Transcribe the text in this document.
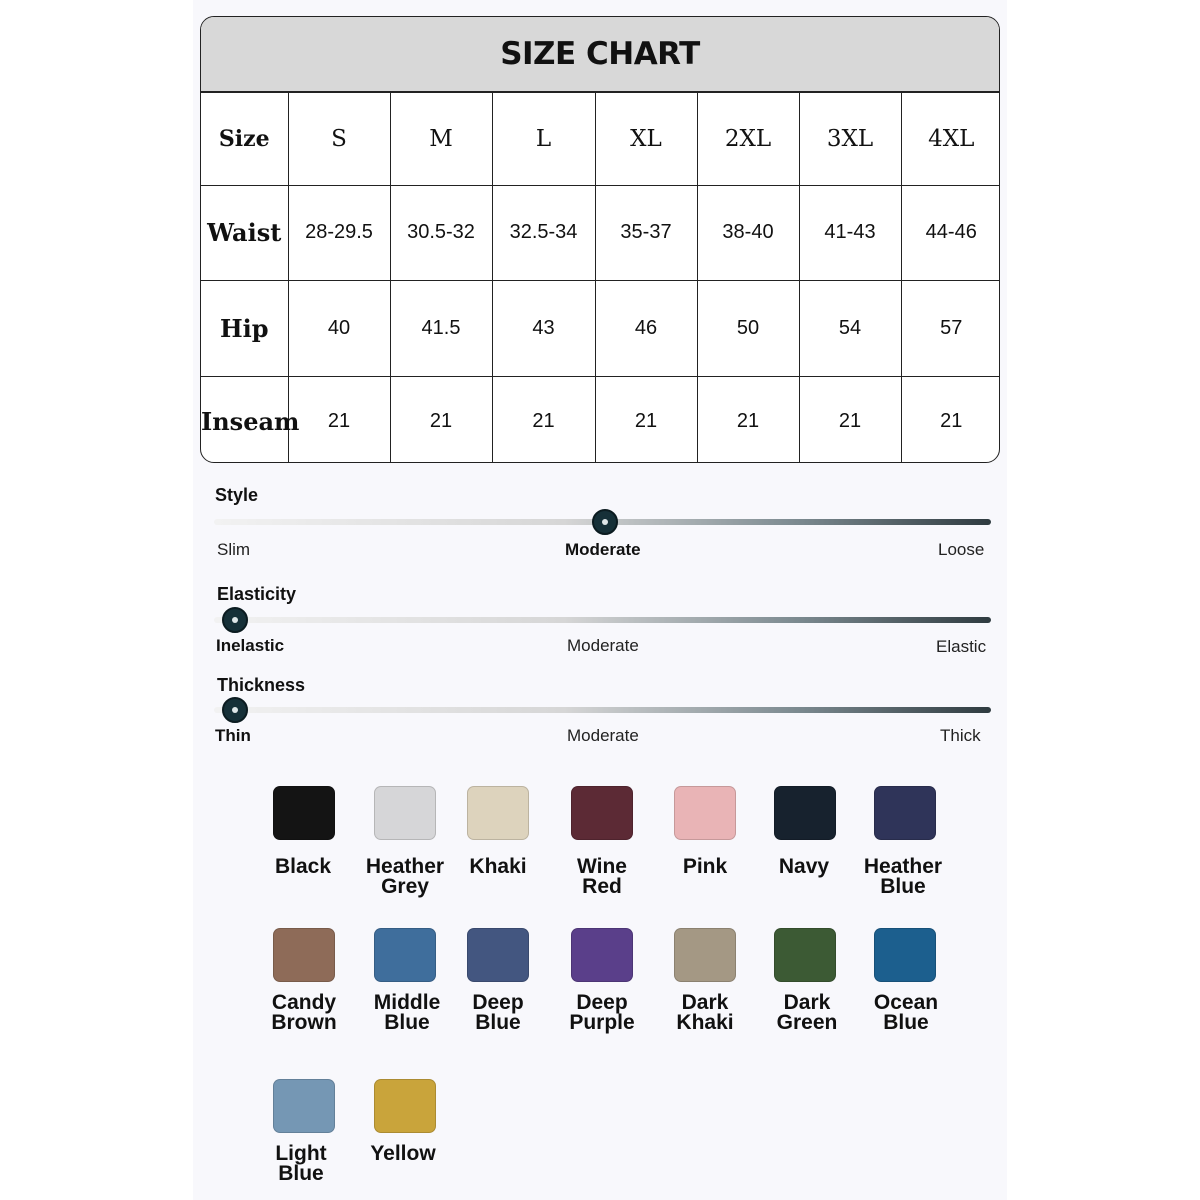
SIZE CHART
Size	S	M	L	XL	2XL	3XL	4XL
Waist	28-29.5	30.5-32	32.5-34	35-37	38-40	41-43	44-46
Hip	40	41.5	43	46	50	54	57
Inseam	21	21	21	21	21	21	21
Style
Slim	Moderate	Loose
Elasticity
Inelastic	Moderate	Elastic
Thickness
Thin	Moderate	Thick
Black	Heather
Grey
Khaki	Wine
Red
Pink	Navy	Heather
Blue
Candy
Brown
Middle
Blue
Deep
Blue
Deep
Purple
Dark
Khaki
Dark
Green
Ocean
Blue
Light
Blue
Yellow
